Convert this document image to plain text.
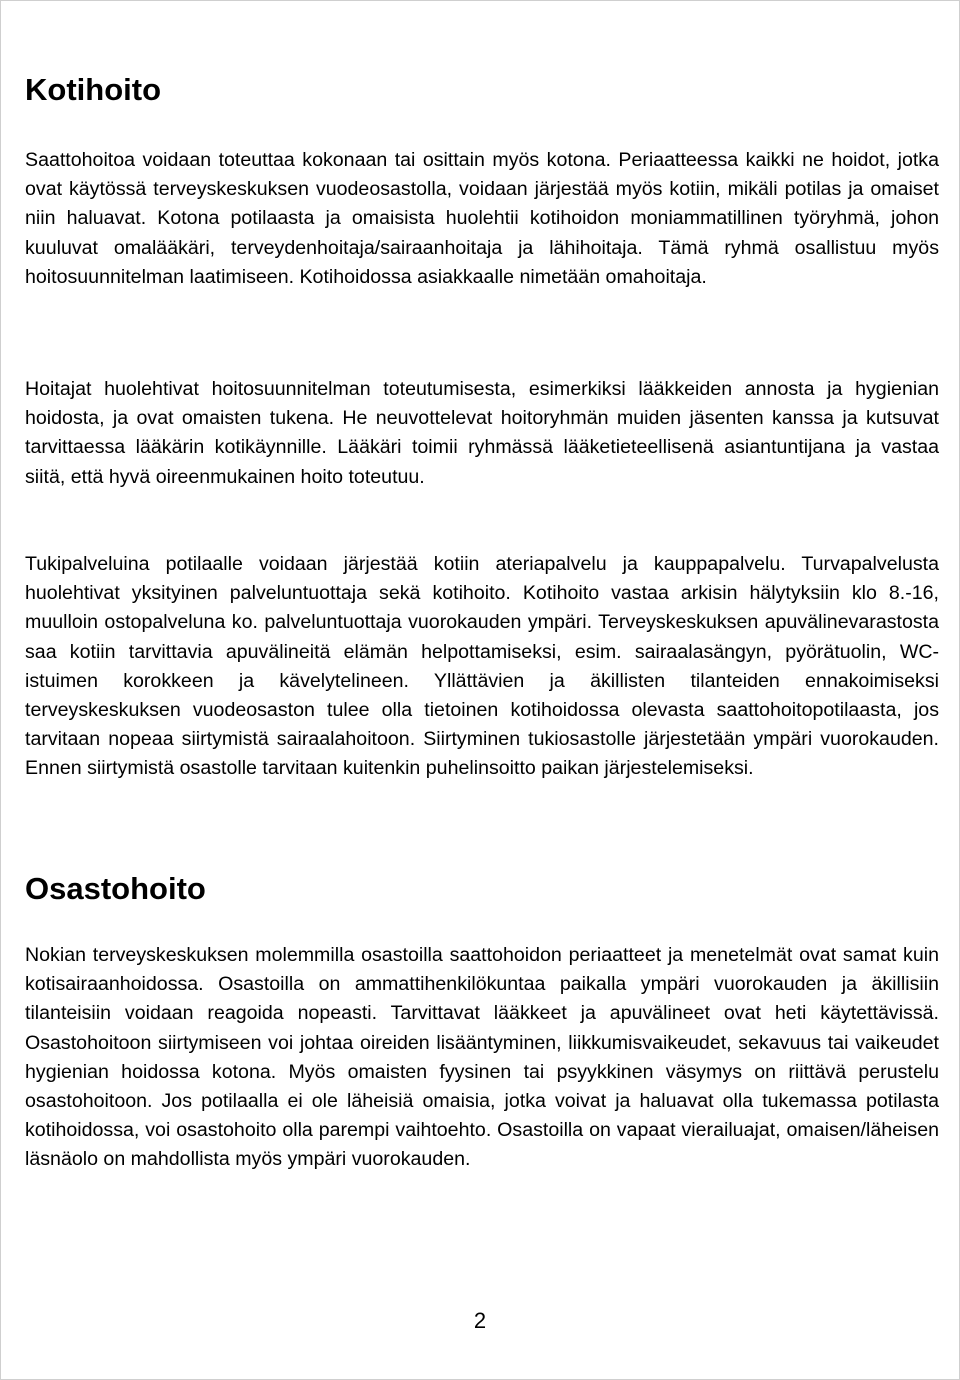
Kotihoito

Saattohoitoa voidaan toteuttaa kokonaan tai osittain myös kotona. Periaatteessa kaikki ne hoidot, jotka ovat käytössä terveyskeskuksen vuodeosastolla, voidaan järjestää myös kotiin, mikäli potilas ja omaiset niin haluavat. Kotona potilaasta ja omaisista huolehtii kotihoidon moniammatillinen työryhmä, johon kuuluvat omalääkäri, terveydenhoitaja/sairaanhoitaja ja lähihoitaja. Tämä ryhmä osallistuu myös hoitosuunnitelman laatimiseen. Kotihoidossa asiakkaalle nimetään omahoitaja.

Hoitajat huolehtivat hoitosuunnitelman toteutumisesta, esimerkiksi lääkkeiden annosta ja hygienian hoidosta, ja ovat omaisten tukena. He neuvottelevat hoitoryhmän muiden jäsenten kanssa ja kutsuvat tarvittaessa lääkärin kotikäynnille. Lääkäri toimii ryhmässä lääketieteellisenä asiantuntijana ja vastaa siitä, että hyvä oireenmukainen hoito toteutuu.

Tukipalveluina potilaalle voidaan järjestää kotiin ateriapalvelu ja kauppapalvelu. Turvapalvelusta huolehtivat yksityinen palveluntuottaja sekä kotihoito. Kotihoito vastaa arkisin hälytyksiin klo 8.-16, muulloin ostopalveluna ko. palveluntuottaja vuorokauden ympäri. Terveyskeskuksen apuvälinevarastosta saa kotiin tarvittavia apuvälineitä elämän helpottamiseksi, esim. sairaalasängyn, pyörätuolin, WC-istuimen korokkeen ja kävelytelineen. Yllättävien ja äkillisten tilanteiden ennakoimiseksi terveyskeskuksen vuodeosaston tulee olla tietoinen kotihoidossa olevasta saattohoitopotilaasta, jos tarvitaan nopeaa siirtymistä sairaalahoitoon. Siirtyminen tukiosastolle järjestetään ympäri vuorokauden. Ennen siirtymistä osastolle tarvitaan kuitenkin puhelinsoitto paikan järjestelemiseksi.

Osastohoito

Nokian terveyskeskuksen molemmilla osastoilla saattohoidon periaatteet ja menetelmät ovat samat kuin kotisairaanhoidossa. Osastoilla on ammattihenkilökuntaa paikalla ympäri vuorokauden ja äkillisiin tilanteisiin voidaan reagoida nopeasti. Tarvittavat lääkkeet ja apuvälineet ovat heti käytettävissä. Osastohoitoon siirtymiseen voi johtaa oireiden lisääntyminen, liikkumisvaikeudet, sekavuus tai vaikeudet hygienian hoidossa kotona. Myös omaisten fyysinen tai psyykkinen väsymys on riittävä perustelu osastohoitoon. Jos potilaalla ei ole läheisiä omaisia, jotka voivat ja haluavat olla tukemassa potilasta kotihoidossa, voi osastohoito olla parempi vaihtoehto. Osastoilla on vapaat vierailuajat, omaisen/läheisen läsnäolo on mahdollista myös ympäri vuorokauden.

2
